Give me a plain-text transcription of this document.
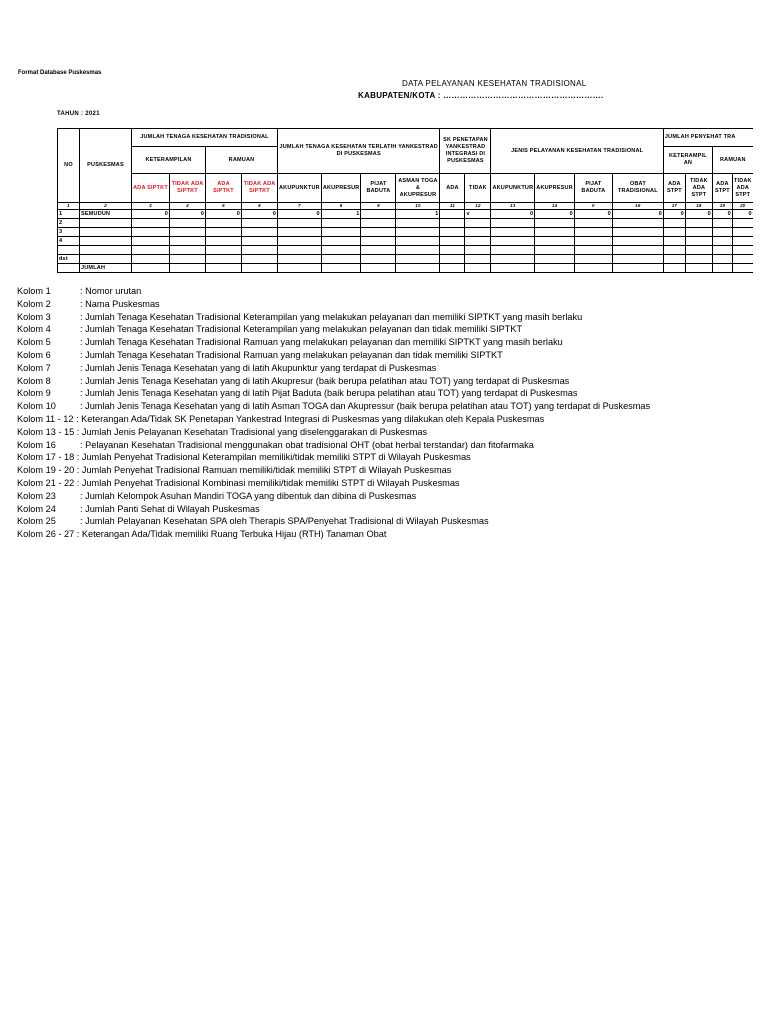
Format Database Puskesmas
DATA PELAYANAN KESEHATAN TRADISIONAL
KABUPATEN/KOTA : ………………………………………………….
TAHUN : 2021
NO	PUSKESMAS	JUMLAH TENAGA KESEHATAN TRADISIONAL				JUMLAH TENAGA KESEHATAN TERLATIH YANKESTRAD DI PUSKESMAS				SK PENETAPAN YANKESTRAD INTEGRASI DI PUSKESMAS		JENIS PELAYANAN KESEHATAN TRADISIONAL				JUMLAH PENYEHAT TRA			
		KETERAMPILAN		RAMUAN												KETERAMPIL AN		RAMUAN	
		ADA SIPTKT	TIDAK ADA SIPTKT	ADA SIPTKT	TIDAK ADA SIPTKT	AKUPUNKTUR	AKUPRESUR	PIJAT BADUTA	ASMAN TOGA & AKUPRESUR	ADA	TIDAK	AKUPUNKTUR	AKUPRESUR	PIJAT BADUTA	OBAT TRADISIONAL	ADA STPT	TIDAK ADA STPT	ADA STPT	TIDAK ADA STPT
1	2	3	4	5	6	7	8	9	10	11	12	13	14	0	16	17	18	19	20
1	SEMUDUN	0	0	0	0	0	1		1		v	0	0	0	0	0	0	0	0
2																			
3																			
4																			

dst																			
	JUMLAH																		
Kolom 1	: Nomor urutan
Kolom 2	: Nama Puskesmas
Kolom 3	: Jumlah Tenaga Kesehatan Tradisional Keterampilan yang melakukan pelayanan dan memiliki SIPTKT yang masih berlaku
Kolom 4	: Jumlah Tenaga Kesehatan Tradisional Keterampilan yang melakukan pelayanan dan tidak memiliki SIPTKT
Kolom 5	: Jumlah Tenaga Kesehatan Tradisional Ramuan yang melakukan pelayanan dan memiliki SIPTKT yang masih berlaku
Kolom 6	: Jumlah Tenaga Kesehatan Tradisional Ramuan yang melakukan pelayanan dan tidak memiliki SIPTKT
Kolom 7	: Jumlah Jenis Tenaga Kesehatan yang di latih Akupunktur yang terdapat di Puskesmas
Kolom 8	: Jumlah Jenis Tenaga Kesehatan yang di latih Akupresur (baik berupa pelatihan atau TOT) yang terdapat di Puskesmas
Kolom 9	: Jumlah Jenis Tenaga Kesehatan yang di latih Pijat Baduta (baik berupa pelatihan atau TOT) yang terdapat di Puskesmas
Kolom 10	: Jumlah Jenis Tenaga Kesehatan yang di latih Asman TOGA dan Akupressur (baik berupa pelatihan atau TOT) yang terdapat di Puskesmas
Kolom 11 - 12 : Keterangan Ada/Tidak SK Penetapan Yankestrad Integrasi di Puskesmas yang dilakukan oleh Kepala Puskesmas
Kolom 13 - 15 : Jumlah Jenis Pelayanan Kesehatan Tradisional yang diselenggarakan di Puskesmas
Kolom 16	: Pelayanan Kesehatan Tradisional menggunakan obat tradisional OHT (obat herbal terstandar) dan fitofarmaka
Kolom 17 - 18 : Jumlah Penyehat Tradisional Keterampilan memiliki/tidak memiliki STPT di Wilayah Puskesmas
Kolom 19 - 20 : Jumlah Penyehat Tradisional Ramuan memiliki/tidak memiliki STPT di Wilayah Puskesmas
Kolom 21 - 22 : Jumlah Penyehat Tradisional Kombinasi memiliki/tidak memiliki STPT di Wilayah Puskesmas
Kolom 23	: Jumlah Kelompok Asuhan Mandiri TOGA yang dibentuk dan dibina di Puskesmas
Kolom 24	: Jumlah Panti Sehat di Wilayah Puskesmas
Kolom 25	: Jumlah Pelayanan Kesehatan SPA oleh Therapis SPA/Penyehat Tradisional di Wilayah Puskesmas
Kolom 26 - 27 : Keterangan Ada/Tidak memiliki Ruang Terbuka Hijau (RTH) Tanaman Obat
